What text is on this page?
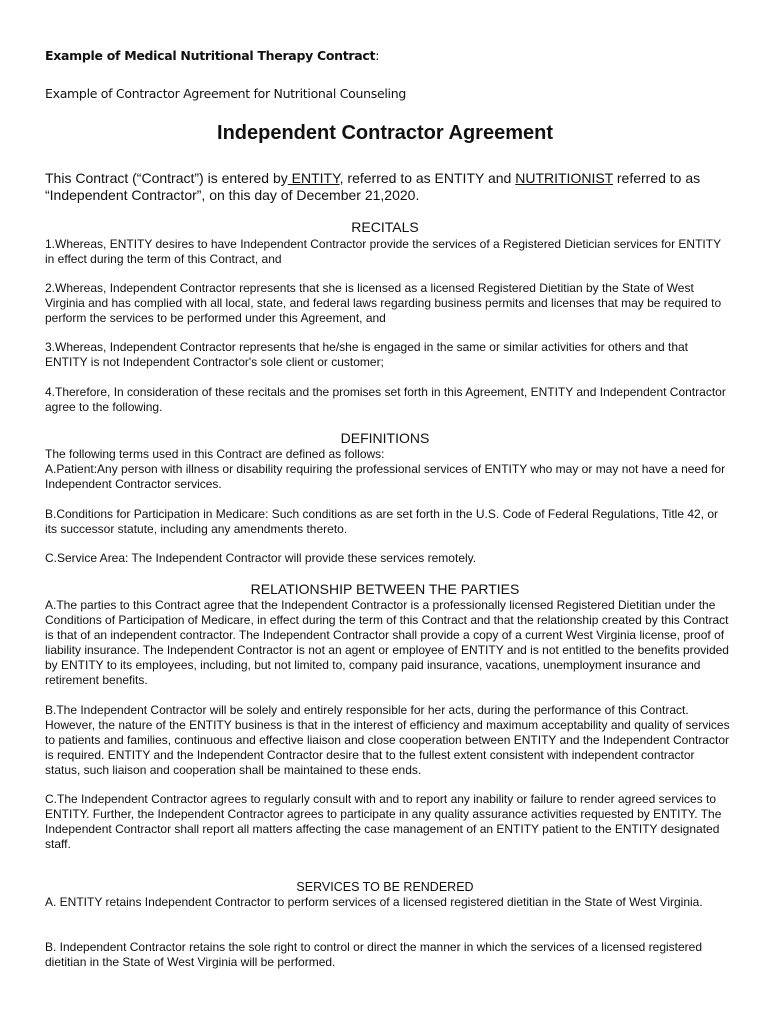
Example of Medical Nutritional Therapy Contract:
Example of Contractor Agreement for Nutritional Counseling
Independent Contractor Agreement
This Contract (“Contract”) is entered by ENTITY, referred to as ENTITY and NUTRITIONIST referred to as “Independent Contractor”, on this day of December 21,2020.
RECITALS
1.Whereas, ENTITY desires to have Independent Contractor provide the services of a Registered Dietician services for ENTITY in effect during the term of this Contract, and
2.Whereas, Independent Contractor represents that she is licensed as a licensed Registered Dietitian by the State of West Virginia and has complied with all local, state, and federal laws regarding business permits and licenses that may be required to perform the services to be performed under this Agreement, and
3.Whereas, Independent Contractor represents that he/she is engaged in the same or similar activities for others and that ENTITY is not Independent Contractor's sole client or customer;
4.Therefore, In consideration of these recitals and the promises set forth in this Agreement, ENTITY and Independent Contractor agree to the following.
DEFINITIONS
The following terms used in this Contract are defined as follows:
A.Patient:Any person with illness or disability requiring the professional services of ENTITY who may or may not have a need for Independent Contractor services.
B.Conditions for Participation in Medicare: Such conditions as are set forth in the U.S. Code of Federal Regulations, Title 42, or its successor statute, including any amendments thereto.
C.Service Area: The Independent Contractor will provide these services remotely.
RELATIONSHIP BETWEEN THE PARTIES
A.The parties to this Contract agree that the Independent Contractor is a professionally licensed Registered Dietitian under the Conditions of Participation of Medicare, in effect during the term of this Contract and that the relationship created by this Contract is that of an independent contractor. The Independent Contractor shall provide a copy of a current West Virginia license, proof of liability insurance. The Independent Contractor is not an agent or employee of ENTITY and is not entitled to the benefits provided by ENTITY to its employees, including, but not limited to, company paid insurance, vacations, unemployment insurance and retirement benefits.
B.The Independent Contractor will be solely and entirely responsible for her acts, during the performance of this Contract. However, the nature of the ENTITY business is that in the interest of efficiency and maximum acceptability and quality of services to patients and families, continuous and effective liaison and close cooperation between ENTITY and the Independent Contractor is required. ENTITY and the Independent Contractor desire that to the fullest extent consistent with independent contractor status, such liaison and cooperation shall be maintained to these ends.
C.The Independent Contractor agrees to regularly consult with and to report any inability or failure to render agreed services to ENTITY. Further, the Independent Contractor agrees to participate in any quality assurance activities requested by ENTITY. The Independent Contractor shall report all matters affecting the case management of an ENTITY patient to the ENTITY designated staff.
SERVICES TO BE RENDERED
A. ENTITY retains Independent Contractor to perform services of a licensed registered dietitian in the State of West Virginia.
B. Independent Contractor retains the sole right to control or direct the manner in which the services of a licensed registered dietitian in the State of West Virginia will be performed.
